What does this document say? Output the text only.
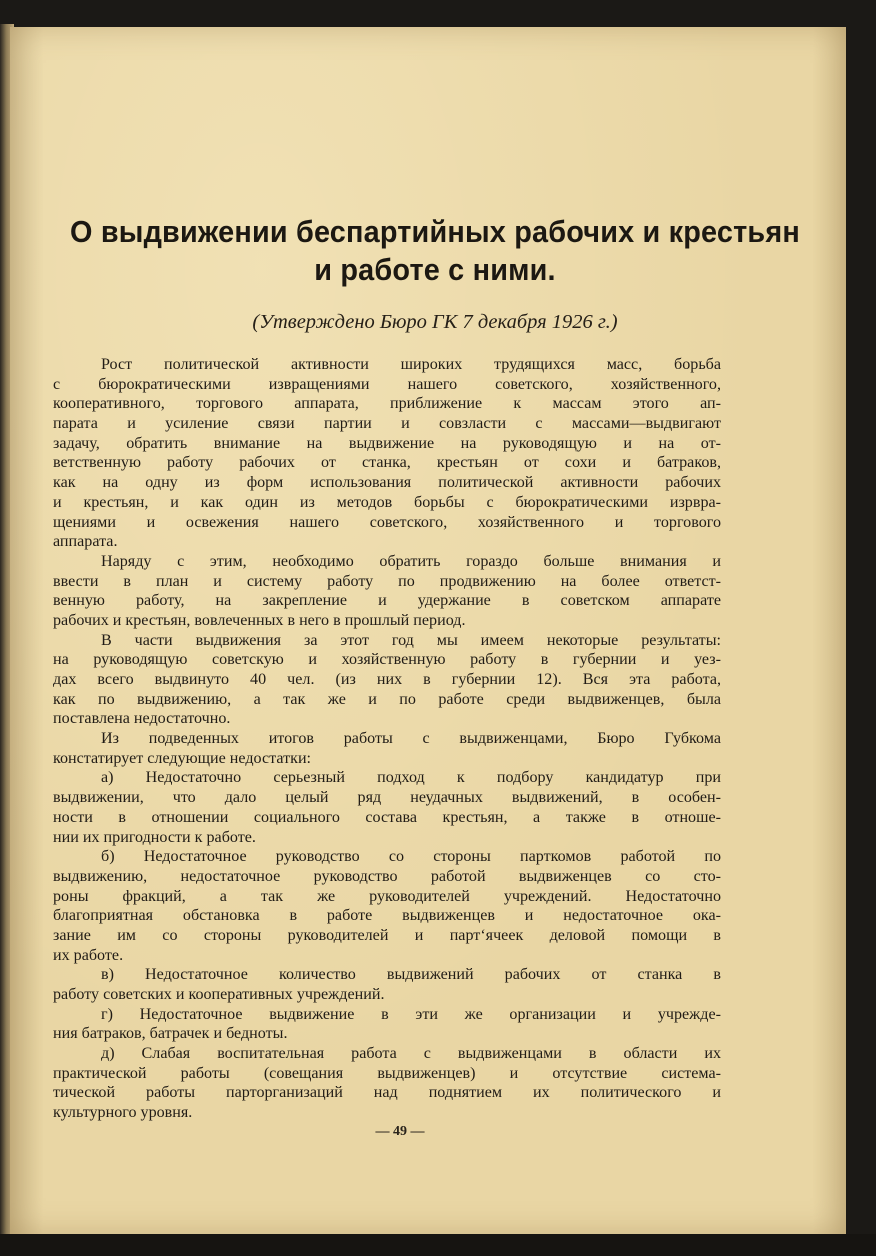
О выдвижении беспартийных рабочих и крестьян
и работе с ними.
(Утверждено Бюро ГК 7 декабря 1926 г.)
Рост политической активности широких трудящихся масс, борьба
с бюрократическими извращениями нашего советского, хозяйственного,
кооперативного, торгового аппарата, приближение к массам этого ап-
парата и усиление связи партии и совзласти с массами—выдвигают
задачу, обратить внимание на выдвижение на руководящую и на от-
ветственную работу рабочих от станка, крестьян от сохи и батраков,
как на одну из форм использования политической активности рабочих
и крестьян, и как один из методов борьбы с бюрократическими изрвра-
щениями и освежения нашего советского, хозяйственного и торгового
аппарата.
Наряду с этим, необходимо обратить гораздо больше внимания и
ввести в план и систему работу по продвижению на более ответст-
венную работу, на закрепление и удержание в советском аппарате
рабочих и крестьян, вовлеченных в него в прошлый период.
В части выдвижения за этот год мы имеем некоторые результаты:
на руководящую советскую и хозяйственную работу в губернии и уез-
дах всего выдвинуто 40 чел. (из них в губернии 12). Вся эта работа,
как по выдвижению, а так же и по работе среди выдвиженцев, была
поставлена недостаточно.
Из подведенных итогов работы с выдвиженцами, Бюро Губкома
констатирует следующие недостатки:
а) Недостаточно серьезный подход к подбору кандидатур при
выдвижении, что дало целый ряд неудачных выдвижений, в особен-
ности в отношении социального состава крестьян, а также в отноше-
нии их пригодности к работе.
б) Недостаточное руководство со стороны парткомов работой по
выдвижению, недостаточное руководство работой выдвиженцев со сто-
роны фракций, а так же руководителей учреждений. Недостаточно
благоприятная обстановка в работе выдвиженцев и недостаточное ока-
зание им со стороны руководителей и парт‘ячеек деловой помощи в
их работе.
в) Недостаточное количество выдвижений рабочих от станка в
работу советских и кооперативных учреждений.
г) Недостаточное выдвижение в эти же организации и учрежде-
ния батраков, батрачек и бедноты.
д) Слабая воспитательная работа с выдвиженцами в области их
практической работы (совещания выдвиженцев) и отсутствие система-
тической работы парторганизаций над поднятием их политического и
культурного уровня.
— 49 —
